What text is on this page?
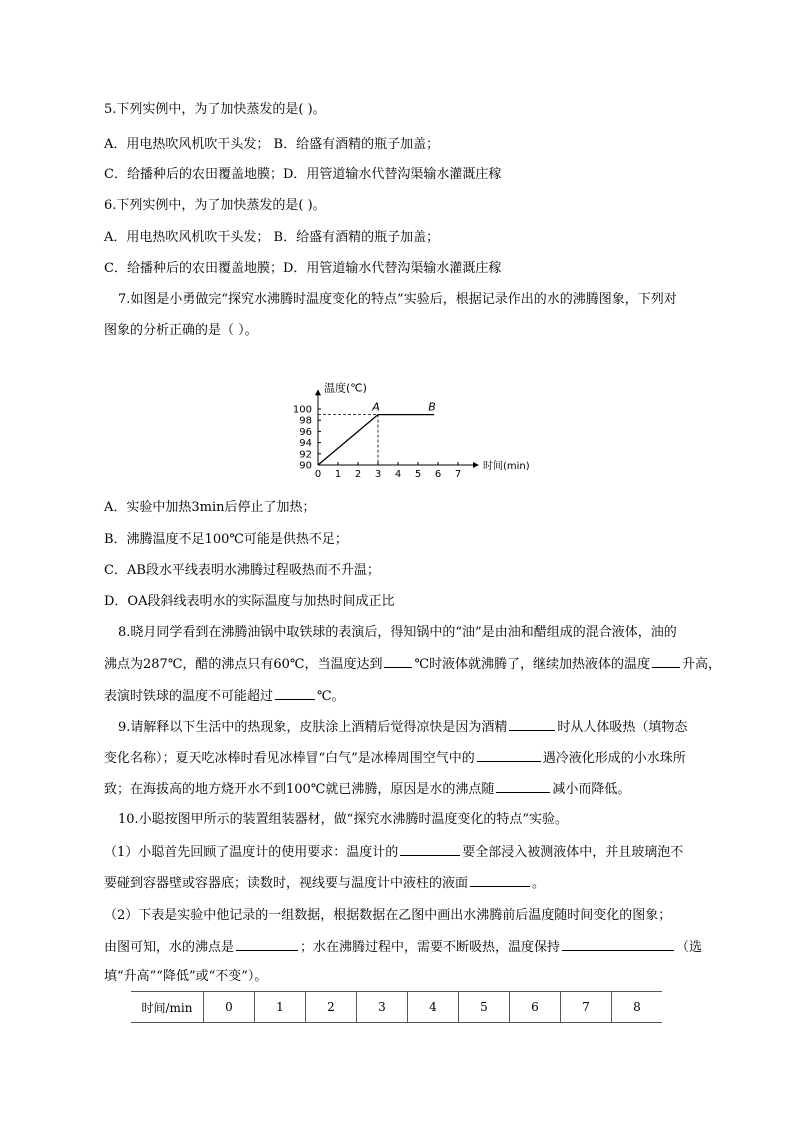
5.下列实例中，为了加快蒸发的是( )。
A．用电热吹风机吹干头发； B．给盛有酒精的瓶子加盖；
C．给播种后的农田覆盖地膜；D．用管道输水代替沟渠输水灌溉庄稼
6.下列实例中，为了加快蒸发的是( )。
A．用电热吹风机吹干头发； B．给盛有酒精的瓶子加盖；
C．给播种后的农田覆盖地膜；D．用管道输水代替沟渠输水灌溉庄稼
7.如图是小勇做完“探究水沸腾时温度变化的特点”实验后，根据记录作出的水的沸腾图象，下列对
图象的分析正确的是（ ）。
温度(℃)
时间(min)
0 1 2 3 4 5 6 7
90
92
94
96
98
100	A	B
A．实验中加热3min后停止了加热；
B．沸腾温度不足100℃可能是供热不足；
C．AB段水平线表明水沸腾过程吸热而不升温；
D．OA段斜线表明水的实际温度与加热时间成正比
8.晓月同学看到在沸腾油锅中取铁球的表演后，得知锅中的“油”是由油和醋组成的混合液体，油的
沸点为287℃，醋的沸点只有60℃，当温度达到 ℃时液体就沸腾了，继续加热液体的温度 升高，
表演时铁球的温度不可能超过	℃。
9.请解释以下生活中的热现象，皮肤涂上酒精后觉得凉快是因为酒精	时从人体吸热（填物态
变化名称）；夏天吃冰棒时看见冰棒冒“白气”是冰棒周围空气中的	遇冷液化形成的小水珠所
致；在海拔高的地方烧开水不到100℃就已沸腾，原因是水的沸点随	减小而降低。
10.小聪按图甲所示的装置组装器材，做“探究水沸腾时温度变化的特点”实验。
（1）小聪首先回顾了温度计的使用要求：温度计的	要全部浸入被测液体中，并且玻璃泡不
要碰到容器壁或容器底；读数时，视线要与温度计中液柱的液面	。
（2）下表是实验中他记录的一组数据，根据数据在乙图中画出水沸腾前后温度随时间变化的图象；
由图可知，水的沸点是	；水在沸腾过程中，需要不断吸热，温度保持	（选
填“升高”“降低”或“不变”）。
时间/min	0	1	2	3	4	5	6	7	8
